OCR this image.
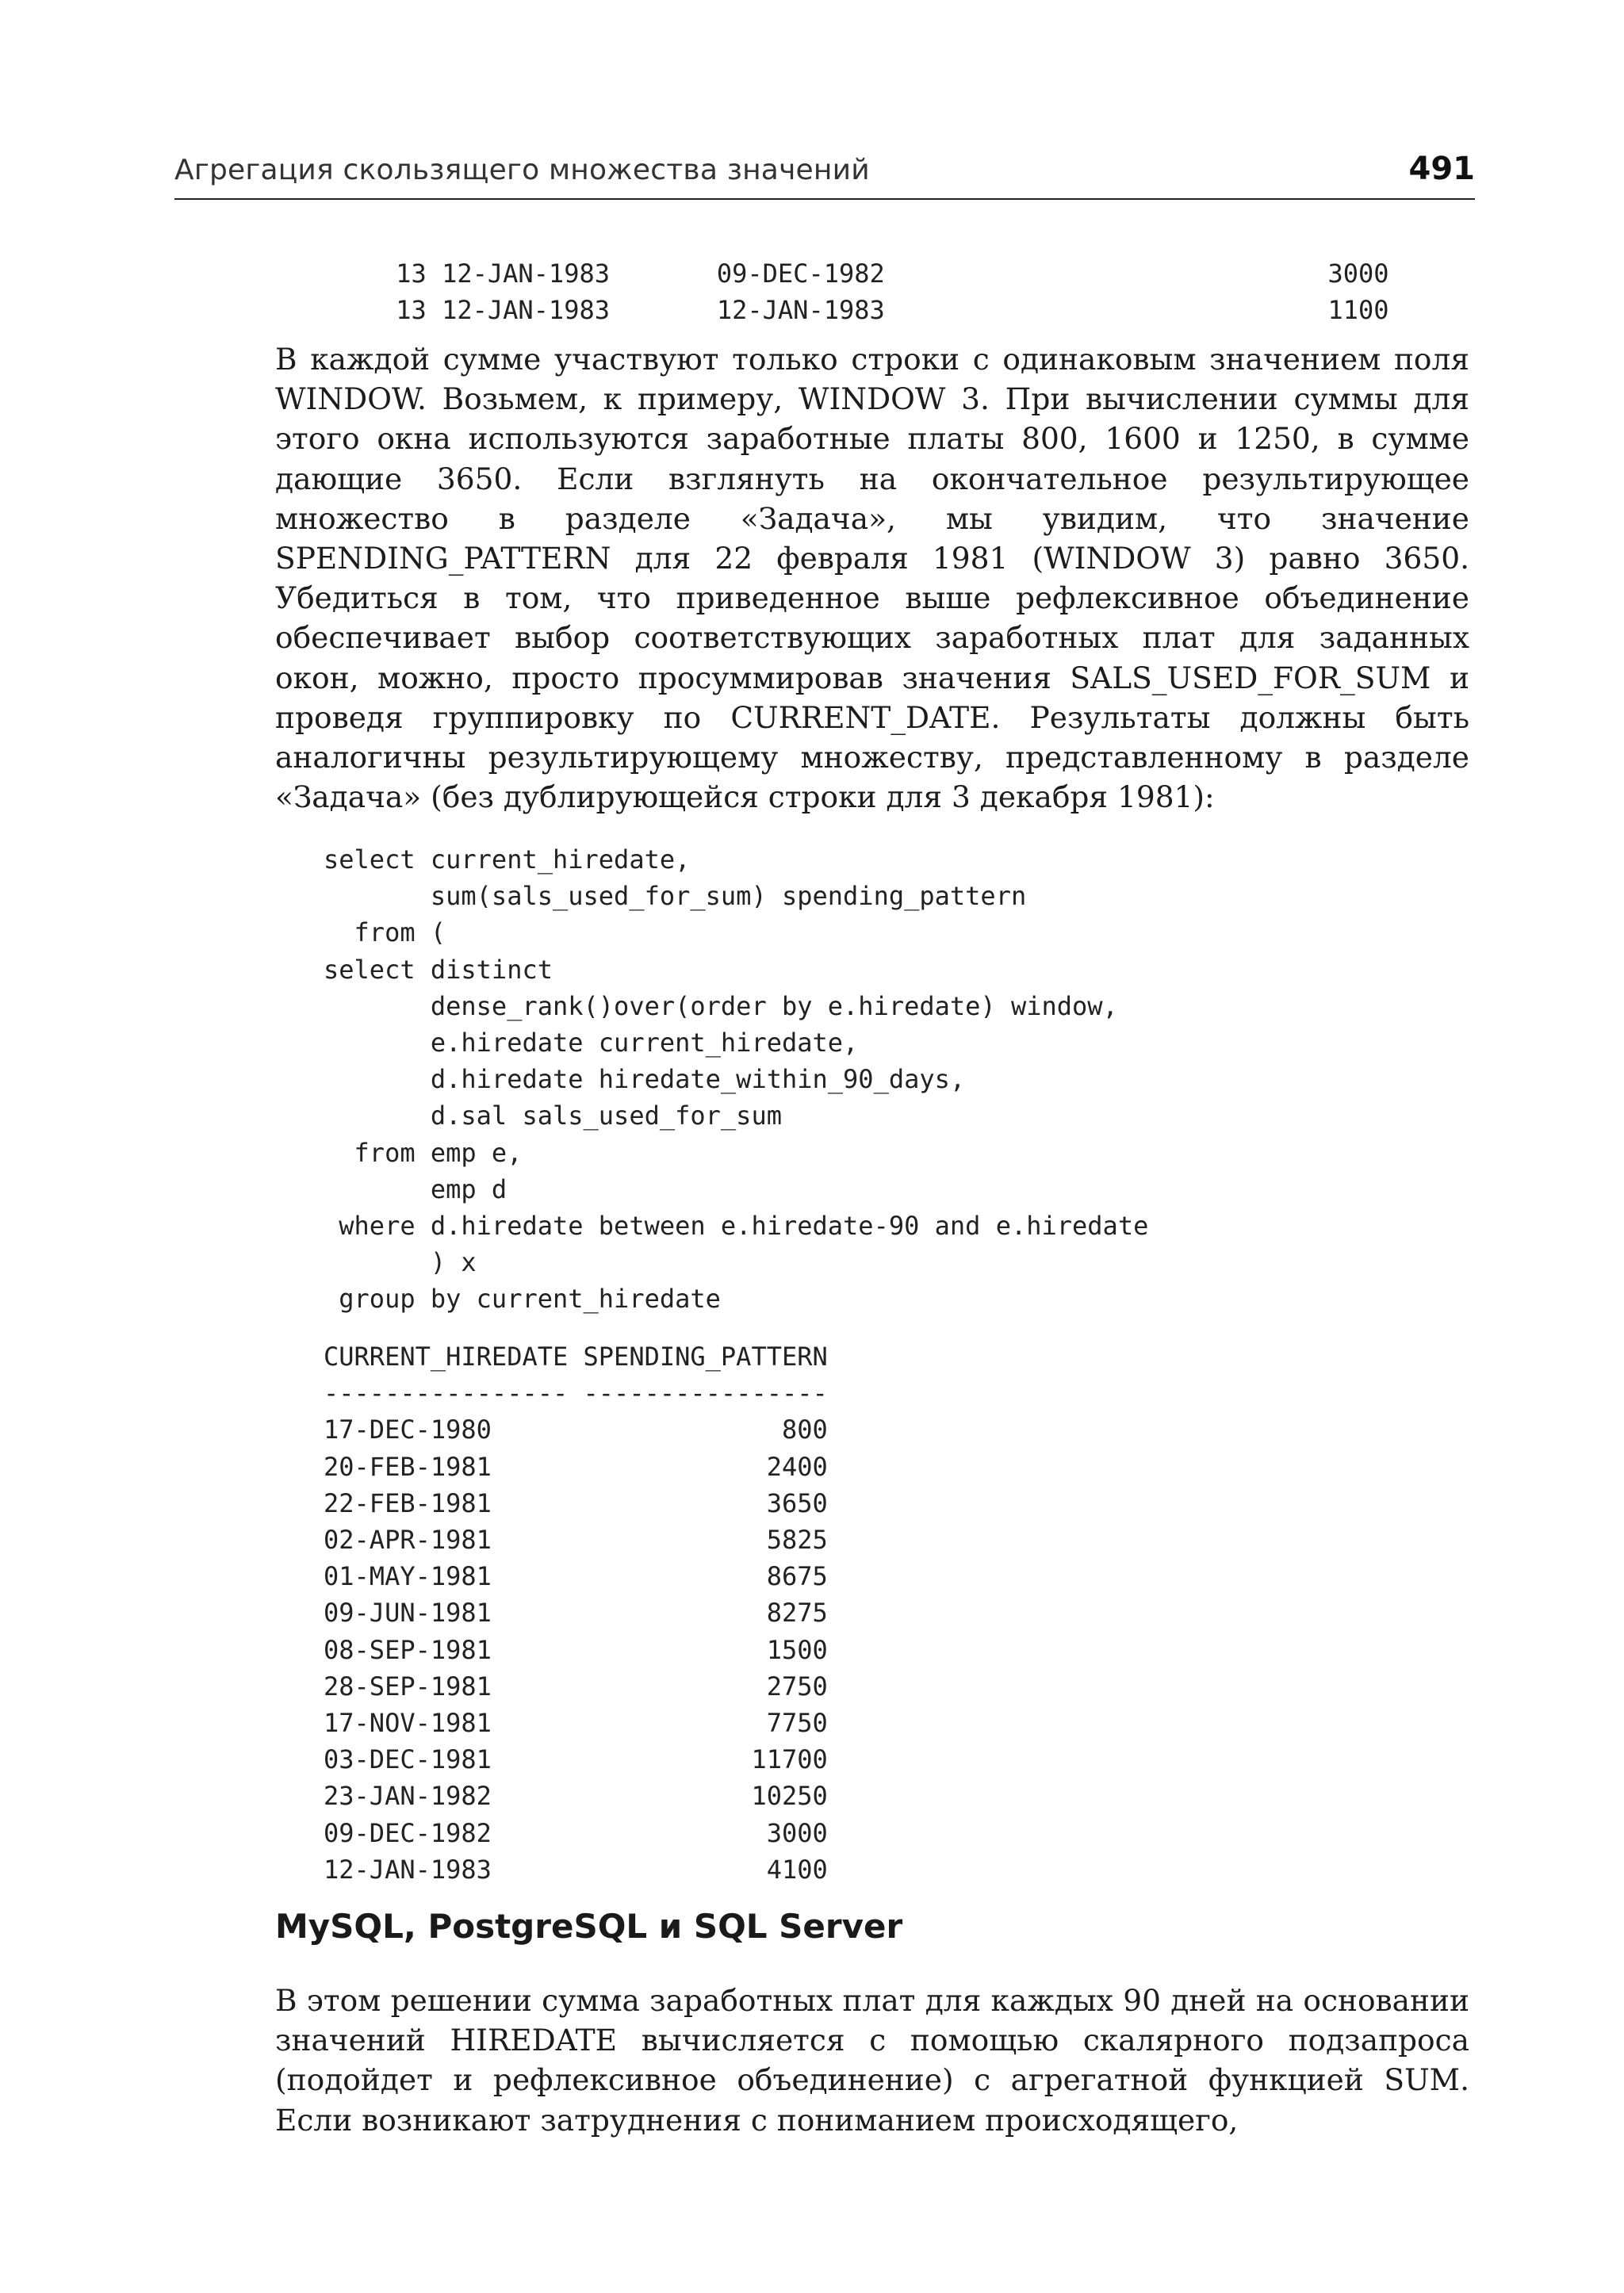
Агрегация скользящего множества значений	491
13 12-JAN-1983       09-DEC-1982                             3000
13 12-JAN-1983       12-JAN-1983                             1100

В каждой сумме участвуют только строки с одинаковым значением поля WINDOW. Возьмем, к примеру, WINDOW 3. При вычислении суммы для этого окна используются заработные платы 800, 1600 и 1250, в сумме дающие 3650. Если взглянуть на окончательное результирующее множество в разделе «Задача», мы увидим, что значение SPENDING_PATTERN для 22 февраля 1981 (WINDOW 3) равно 3650. Убедиться в том, что приведенное выше рефлексивное объединение обеспечивает выбор соответствующих заработных плат для заданных окон, можно, просто просуммировав значения SALS_USED_FOR_SUM и проведя группировку по CURRENT_DATE. Результаты должны быть аналогичны результирующему множеству, представленному в разделе «Задача» (без дублирующейся строки для 3 декабря 1981):

select current_hiredate,
sum(sals_used_for_sum) spending_pattern
from (
select distinct
dense_rank()over(order by e.hiredate) window,
e.hiredate current_hiredate,
d.hiredate hiredate_within_90_days,
d.sal sals_used_for_sum
from emp e,
emp d
where d.hiredate between e.hiredate-90 and e.hiredate
) x
group by current_hiredate
CURRENT_HIREDATE SPENDING_PATTERN
---------------- ----------------
17-DEC-1980                   800
20-FEB-1981                  2400
22-FEB-1981                  3650
02-APR-1981                  5825
01-MAY-1981                  8675
09-JUN-1981                  8275
08-SEP-1981                  1500
28-SEP-1981                  2750
17-NOV-1981                  7750
03-DEC-1981                 11700
23-JAN-1982                 10250
09-DEC-1982                  3000
12-JAN-1983                  4100
MySQL, PostgreSQL и SQL Server

В этом решении сумма заработных плат для каждых 90 дней на основании значений HIREDATE вычисляется с помощью скалярного подзапроса (подойдет и рефлексивное объединение) с агрегатной функцией SUM. Если возникают затруднения с пониманием происходящего,
